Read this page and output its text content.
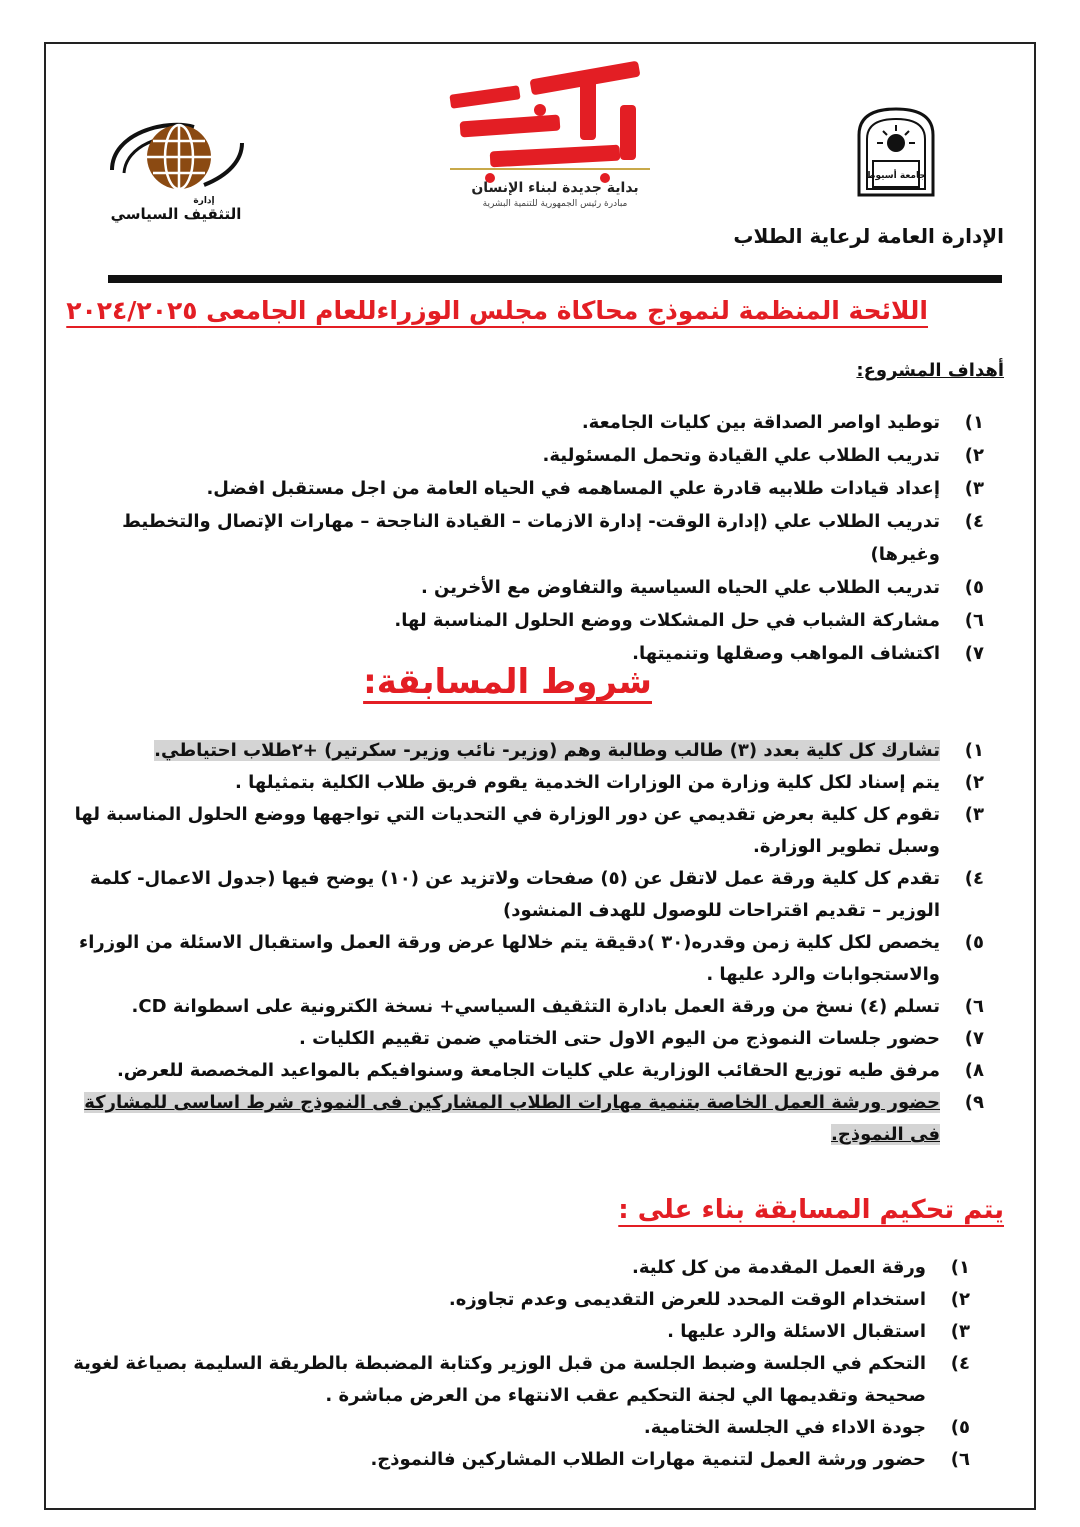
إدارة
التثقيف السياسي
بداية جديدة لبناء الإنسان
مبادرة رئيس الجمهورية للتنمية البشرية
جامعة أسيوط
الإدارة العامة لرعاية الطلاب
اللائحة المنظمة لنموذج محاكاة مجلس الوزراءللعام الجامعى ٢٠٢٤/٢٠٢٥
أهداف المشروع:
١)
توطيد اواصر الصداقة بين كليات الجامعة.
٢)
تدريب الطلاب علي القيادة وتحمل المسئولية.
٣)
إعداد قيادات طلابيه قادرة علي المساهمه في الحياه العامة من اجل مستقبل افضل.
٤)
تدريب الطلاب علي (إدارة الوقت- إدارة الازمات – القيادة الناجحة – مهارات الإتصال والتخطيط وغيرها)
٥)
تدريب الطلاب علي الحياه السياسية والتفاوض مع الأخرين .
٦)
مشاركة الشباب في حل المشكلات ووضع الحلول المناسبة لها.
٧)
اكتشاف المواهب وصقلها وتنميتها.
شروط المسابقة:
١)
تشارك كل كلية بعدد (٣) طالب وطالبة وهم (وزير- نائب وزير- سكرتير) +٢طلاب احتياطي.
٢)
يتم إسناد لكل كلية وزارة من الوزارات الخدمية يقوم فريق طلاب الكلية بتمثيلها .
٣)
تقوم كل كلية بعرض تقديمي عن دور الوزارة في التحديات التي تواجهها ووضع الحلول المناسبة لها وسبل تطوير الوزارة.
٤)
تقدم كل كلية ورقة عمل لاتقل عن (٥) صفحات ولاتزيد عن (١٠) يوضح فيها (جدول الاعمال- كلمة الوزير – تقديم اقتراحات للوصول للهدف المنشود)
٥)
يخصص لكل كلية زمن وقدره(٣٠ )دقيقة يتم خلالها عرض ورقة العمل واستقبال الاسئلة من الوزراء والاستجوابات والرد عليها .
٦)
تسلم (٤) نسخ من ورقة العمل بادارة التثقيف السياسي+ نسخة الكترونية على اسطوانة CD.
٧)
حضور جلسات النموذج من اليوم الاول حتى الختامي ضمن تقييم الكليات .
٨)
مرفق طيه توزيع الحقائب الوزارية علي كليات الجامعة وسنوافيكم بالمواعيد المخصصة للعرض.
٩)
حضور ورشة العمل الخاصة بتنمية مهارات الطلاب المشاركين فى النموذج شرط اساسى للمشاركة فى النموذج.
يتم تحكيم المسابقة بناء على :
١)
ورقة العمل المقدمة من كل كلية.
٢)
استخدام الوقت المحدد للعرض التقديمى وعدم تجاوزه.
٣)
استقبال الاسئلة والرد عليها .
٤)
التحكم في الجلسة وضبط الجلسة من قبل الوزير وكتابة المضبطة بالطريقة السليمة بصياغة لغوية صحيحة وتقديمها الي لجنة التحكيم عقب الانتهاء من العرض مباشرة .
٥)
جودة الاداء في الجلسة الختامية.
٦)
حضور ورشة العمل لتنمية مهارات الطلاب المشاركين فالنموذج.
